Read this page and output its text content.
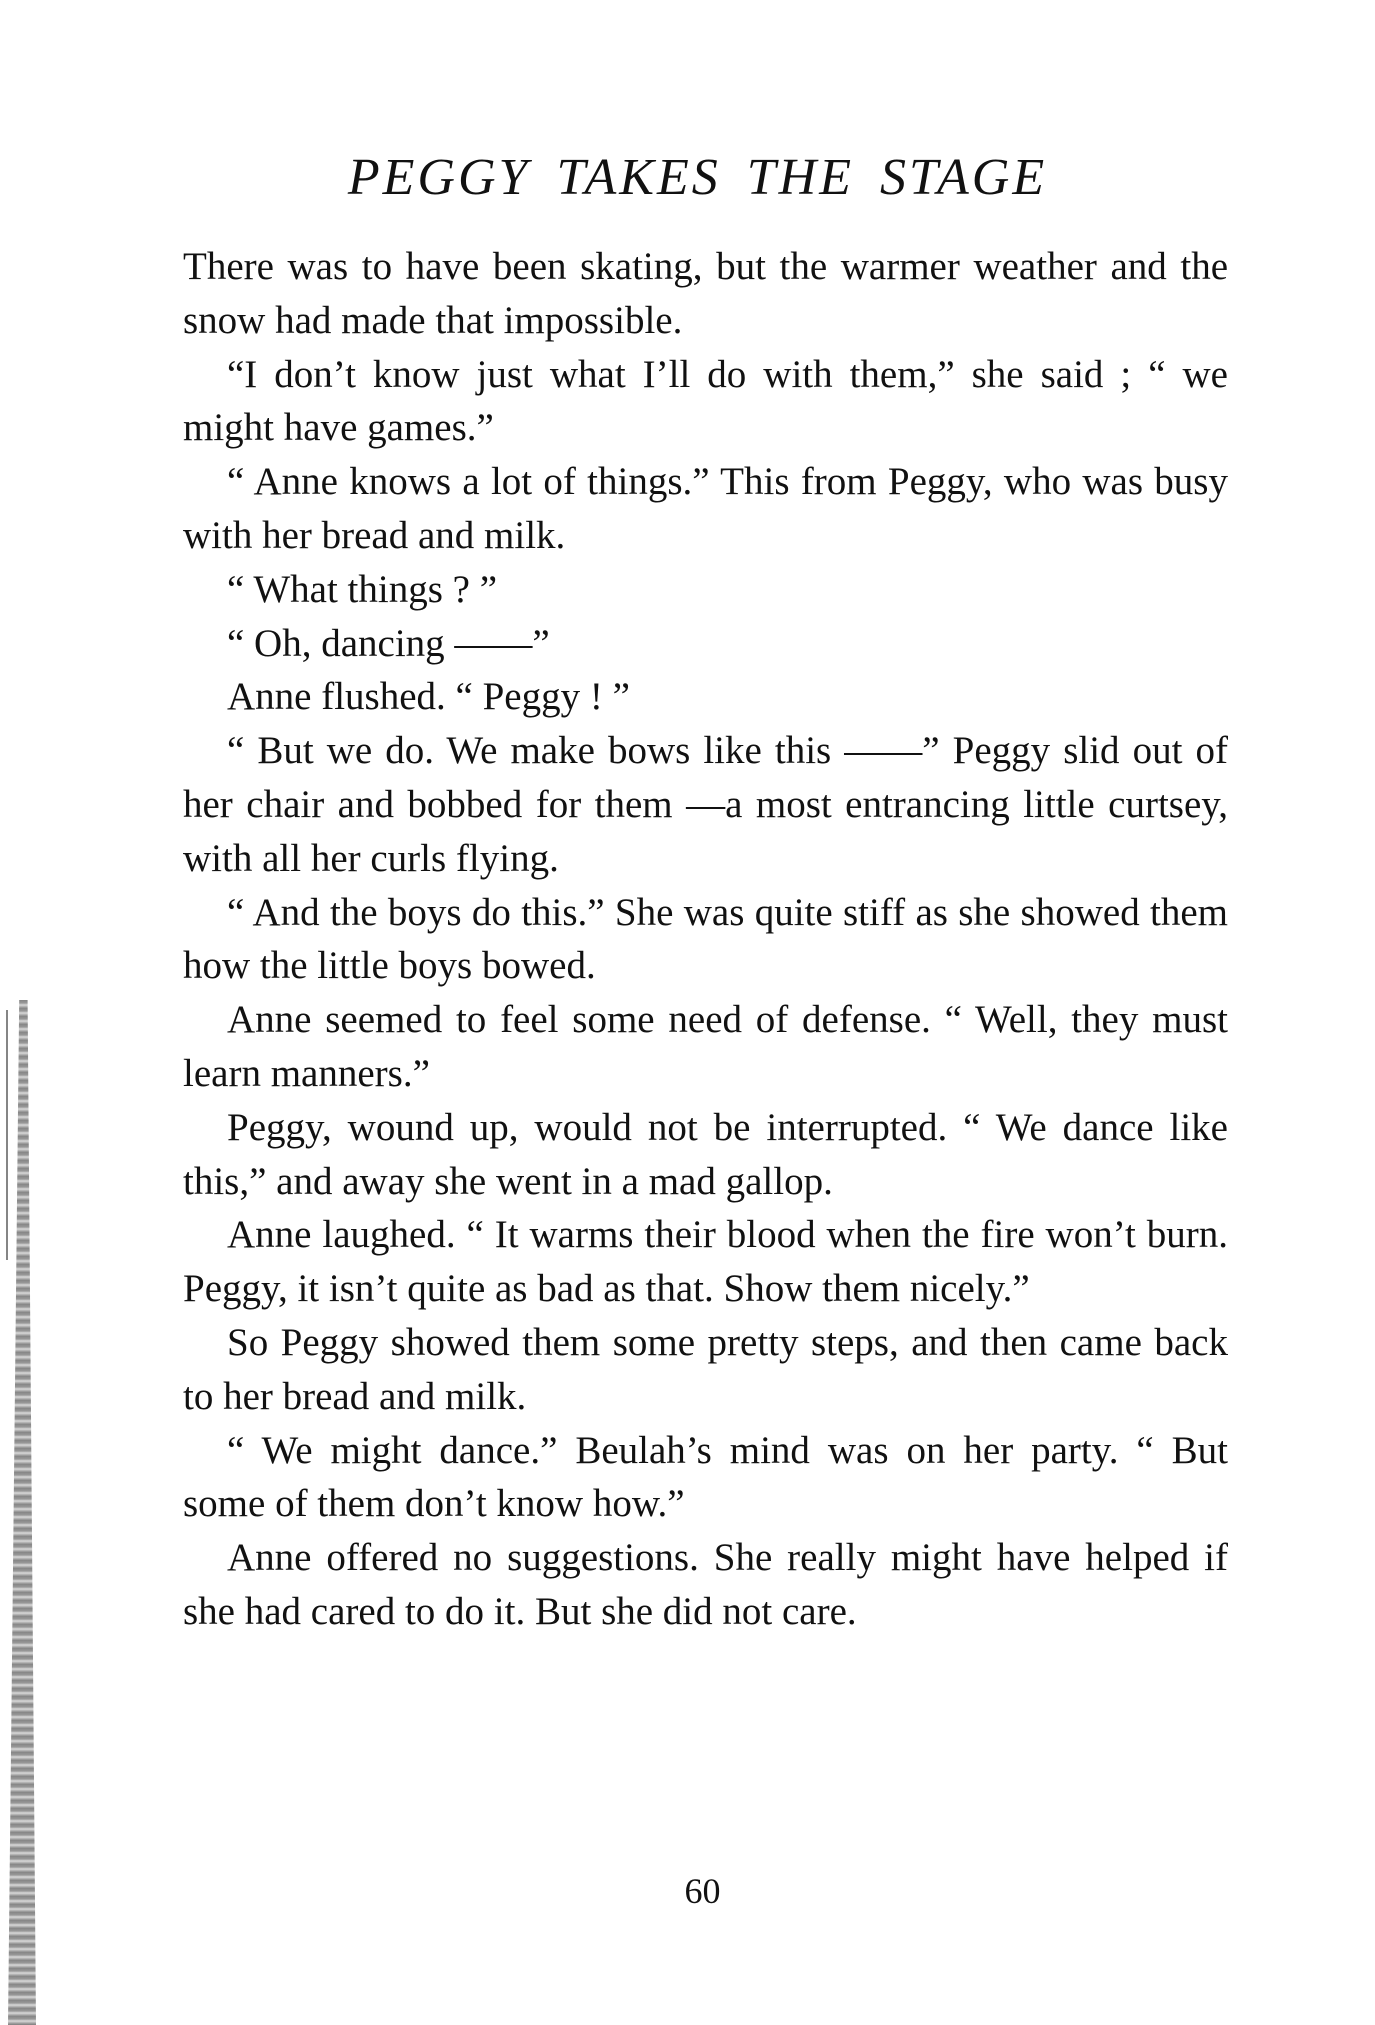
PEGGY TAKES THE STAGE

There was to have been skating, but the warmer weather and the snow had made that impossible.

“I don’t know just what I’ll do with them,” she said ; “ we might have games.”

“ Anne knows a lot of things.” This from Peggy, who was busy with her bread and milk.

“ What things ? ”

“ Oh, dancing ——”

Anne flushed. “ Peggy ! ”

“ But we do. We make bows like this ——” Peggy slid out of her chair and bobbed for them —a most entrancing little curtsey, with all her curls flying.

“ And the boys do this.” She was quite stiff as she showed them how the little boys bowed.

Anne seemed to feel some need of defense. “ Well, they must learn manners.”

Peggy, wound up, would not be interrupted. “ We dance like this,” and away she went in a mad gallop.

Anne laughed. “ It warms their blood when the fire won’t burn. Peggy, it isn’t quite as bad as that. Show them nicely.”

So Peggy showed them some pretty steps, and then came back to her bread and milk.

“ We might dance.” Beulah’s mind was on her party. “ But some of them don’t know how.”

Anne offered no suggestions. She really might have helped if she had cared to do it. But she did not care.

60
